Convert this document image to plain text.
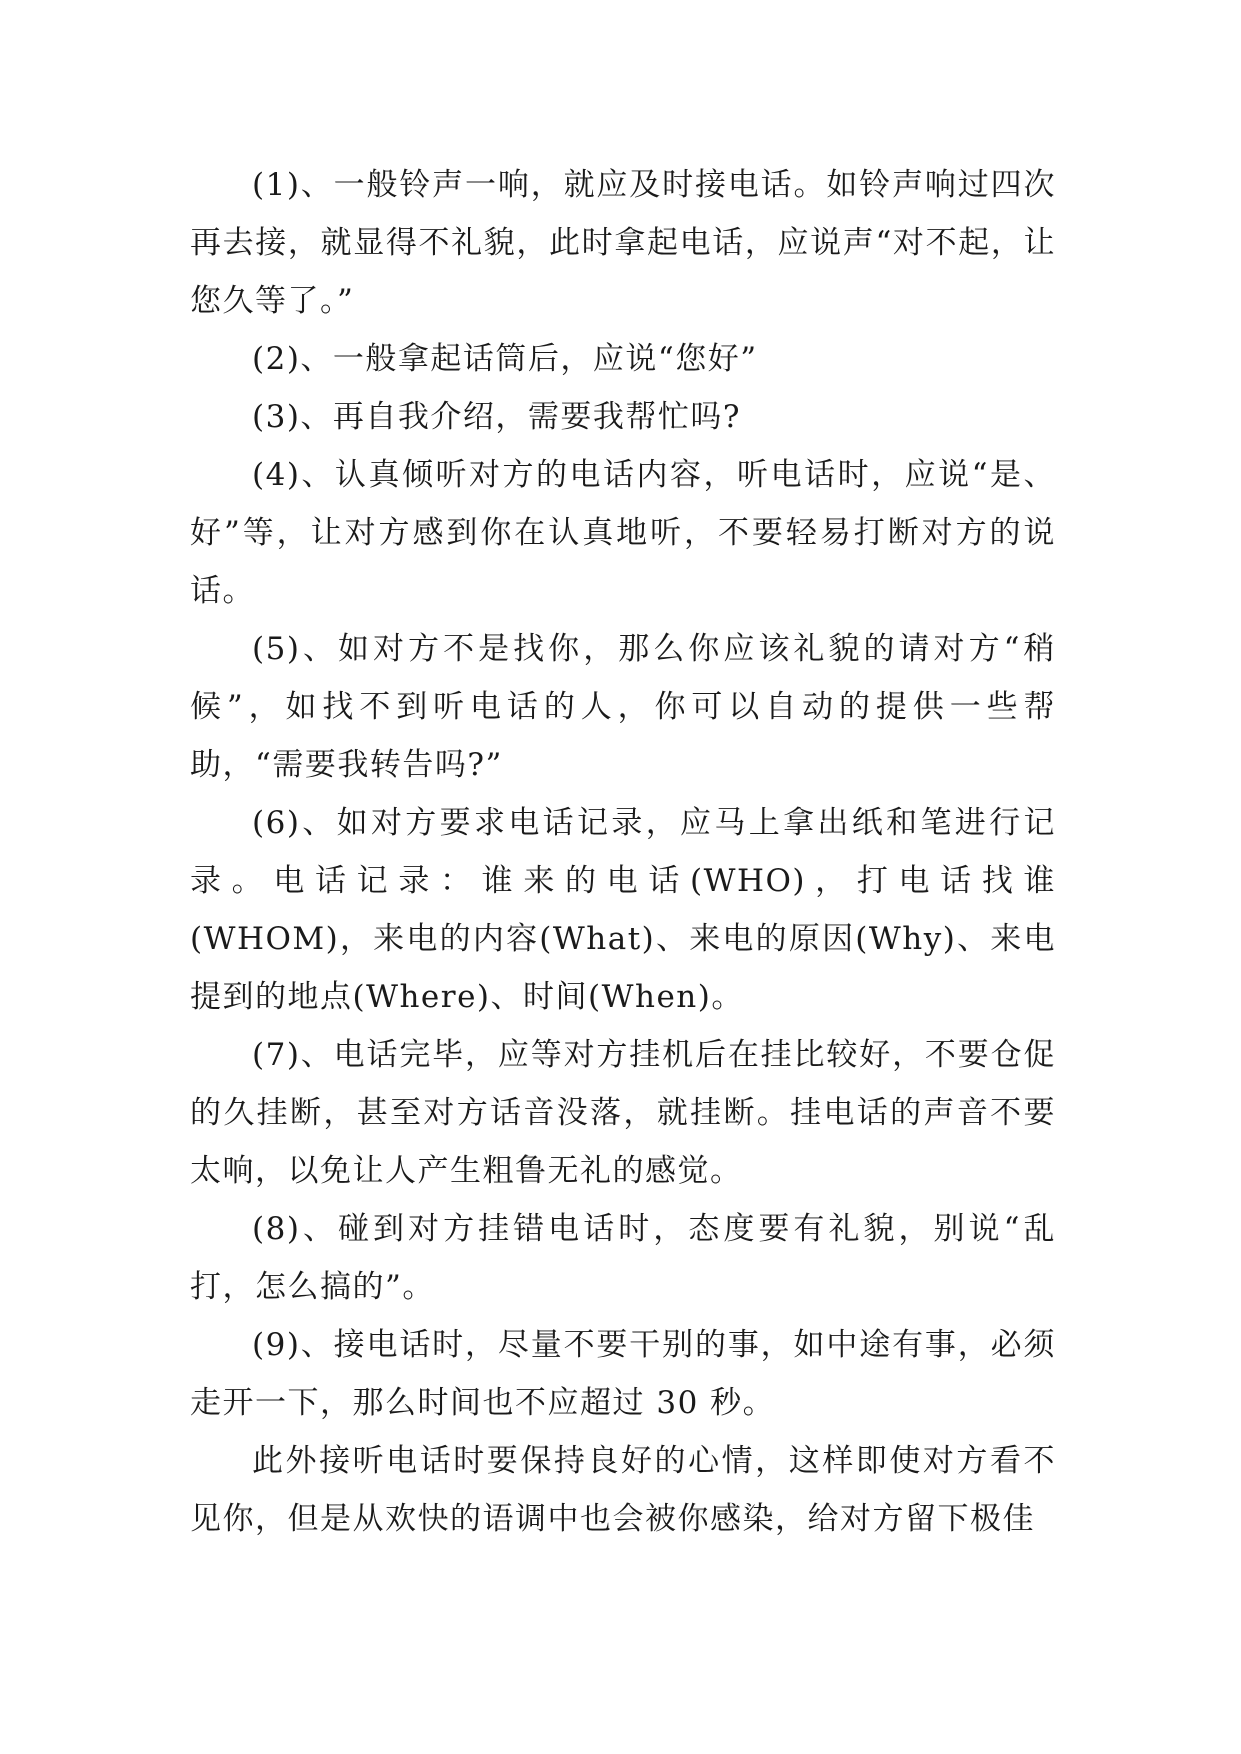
(1)、一般铃声一响，就应及时接电话。如铃声响过四次再去接，就显得不礼貌，此时拿起电话，应说声“对不起，让您久等了。”

(2)、一般拿起话筒后，应说“您好”

(3)、再自我介绍，需要我帮忙吗?

(4)、认真倾听对方的电话内容，听电话时，应说“是、好”等，让对方感到你在认真地听，不要轻易打断对方的说话。

(5)、如对方不是找你，那么你应该礼貌的请对方“稍候”，如找不到听电话的人，你可以自动的提供一些帮助，“需要我转告吗?”

(6)、如对方要求电话记录，应马上拿出纸和笔进行记录。电话记录：谁来的电话(WHO)，打电话找谁(WHOM)，来电的内容(What)、来电的原因(Why)、来电提到的地点(Where)、时间(When)。

(7)、电话完毕，应等对方挂机后在挂比较好，不要仓促的久挂断，甚至对方话音没落，就挂断。挂电话的声音不要太响，以免让人产生粗鲁无礼的感觉。

(8)、碰到对方挂错电话时，态度要有礼貌，别说“乱打，怎么搞的”。

(9)、接电话时，尽量不要干别的事，如中途有事，必须走开一下，那么时间也不应超过 30 秒。

此外接听电话时要保持良好的心情，这样即使对方看不见你，但是从欢快的语调中也会被你感染，给对方留下极佳
